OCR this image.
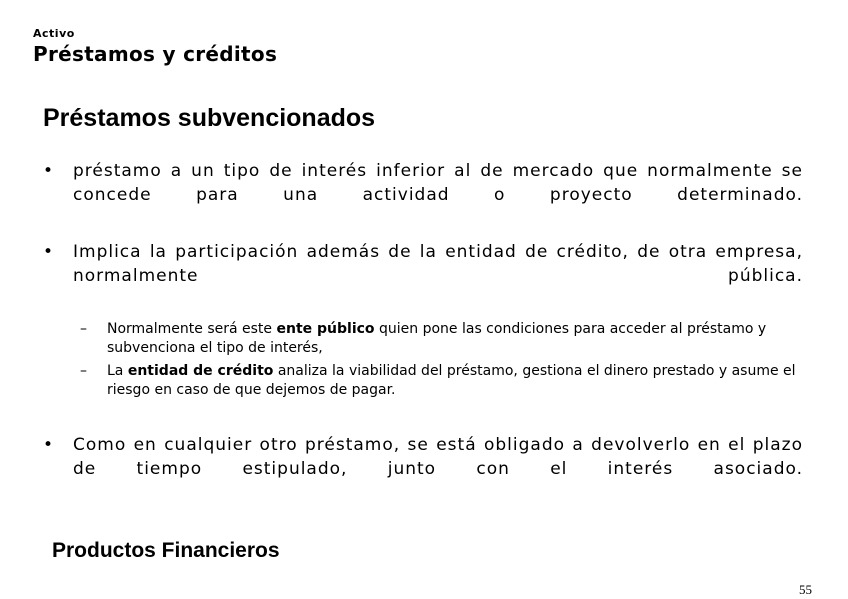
Activo
Préstamos y créditos
Préstamos subvencionados
• préstamo a un tipo de interés inferior al de mercado que normalmente se concede para una actividad o proyecto determinado.
• Implica la participación además de la entidad de crédito, de otra empresa, normalmente pública.
– Normalmente será este ente público quien pone las condiciones para acceder al préstamo y subvenciona el tipo de interés,
– La entidad de crédito analiza la viabilidad del préstamo, gestiona el dinero prestado y asume el riesgo en caso de que dejemos de pagar.
• Como en cualquier otro préstamo, se está obligado a devolverlo en el plazo de tiempo estipulado, junto con el interés asociado.
Productos Financieros
55
